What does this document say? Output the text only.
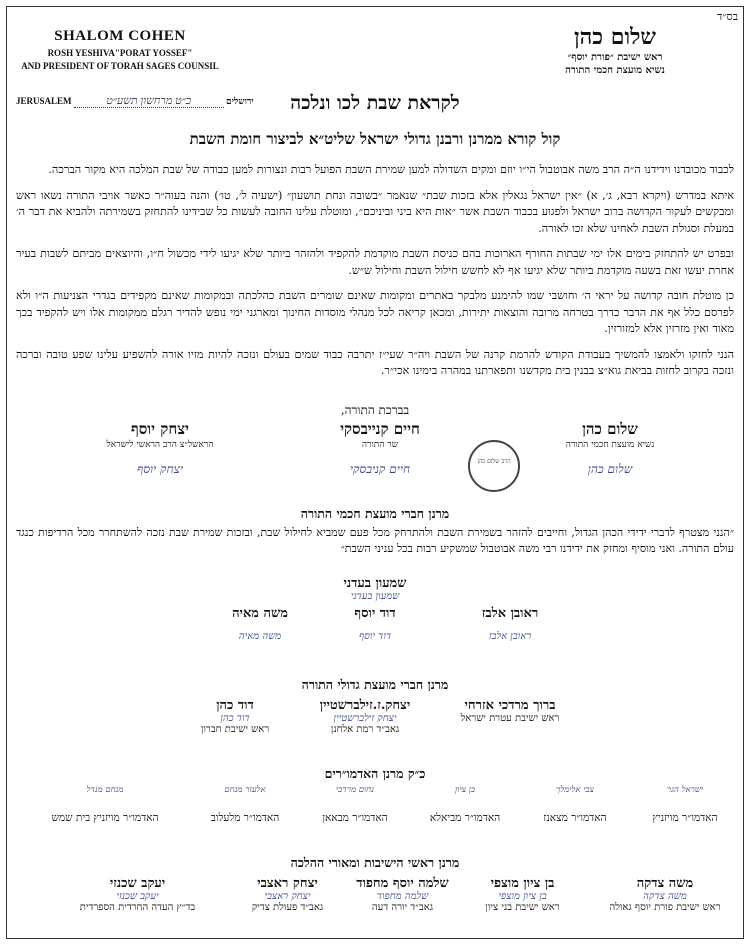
בס״ד
SHALOM COHEN
ROSH YESHIVA"PORAT YOSSEF"
AND PRESIDENT OF TORAH SAGES COUNSIL
שלום כהן
ראש ישיבת ״פורת יוסף״
נשיא מועצת חכמי התורה
JERUSALEM	כ״ט מרחשון תשע״ט	ירושלים	לקראת שבת לכו ונלכה
קול קורא ממרנן ורבנן גדולי ישראל שליט״א לביצור חומת השבת

לכבוד מכובדנו וידידנו ה״ה הרב משה אבוטבול הי״ו יוזם ומקים השדולה למען שמירת השבת הפועל רבות ונצורות למען כבודה של שבת המלכה היא מקור הברכה.

איתא במדרש (ויקרא רבא, ג׳, א) ״אין ישראל נגאלין אלא בזכות שבת״ שנאמר ״בשובה ונחת תושעון״ (ישעיה ל׳, טו׳) והנה בעוה״ר כאשר אויבי התורה נשאו ראש ומבקשים לעקור הקדושה ברוב ישראל ולפגוע בכבוד השבת אשר ״אות היא ביני וביניכם״, ומוטלת עלינו החובה לעשות כל שבידינו להתחזק בשמירתה ולהביא את דבר ה׳ במעלת וסגולת השבת לאחינו שלא זכו לאורה.

ובפרט יש להתחזק בימים אלו ימי שבתות החורף הארוכות בהם כניסת השבת מוקדמת להקפיד ולהזהר ביותר שלא יגיעו לידי מכשול ח״ו, והיוצאים מביתם לשבות בעיר אחרת יעשו זאת בשעה מוקדמת ביותר שלא יגיעו אף לא לחשש חילול השבת וחילול ש״ש.

כן מוטלת חובה קדושה על יראי ה׳ וחושבי שמו להימנע מלבקר באתרים ומקומות שאינם שומרים השבת כהלכתה ובמקומות שאינם מקפידים בגדרי הצניעות ה״ו ולא לפרסם כלל אף את הדבר כדרך בטרחה מרובה והוצאות יתירות, ומכאן קריאה לכל מנהלי מוסדות החינוך ומארגני ימי נופש להדיר רגלם ממקומות אלו ויש להקפיד בכך מאוד ואין מזרזין אלא למזורזין.

הנני לחזקו ולאמצו להמשיך בעבודת הקודש להרמת קרנה של השבת ויה״ר שעי״ז יתרבה כבוד שמים בעולם ונזכה להיות מזיו אורה להשפיע עלינו שפע טובה וברכה ונזכה בקרוב לחזות בביאת גוא״צ בבנין בית מקדשנו ותפארתנו במהרה בימינו אכי״ר.

בברכת התורה,
שלום כהן
נשיא מועצת חכמי התורה
שלום כהן
הרב שלום כהן
חיים קנייבסקי
שר התורה
חיים קניבסקי
יצחק יוסף
הראשל״צ הרב הראשי לישראל
יצחק יוסף
מרנן חברי מועצת חכמי התורה
״הנני מצטרף לדברי ידידי הכהן הגדול, וחייבים להזהר בשמירת השבת ולהתרחק מכל פעם שמביא לחילול שבת, ובזכות שמירת שבת נזכה להשתחרר מכל הרדיפות כנגד עולם התורה. ואני מוסיף ומחזק את ידידנו רבי משה אבוטבול שמשקיע רבות בכל עניני השבת״
שמעון בעדני
שמעון בעדני
ראובן אלבז
ראובן אלבז
דוד יוסף
דוד יוסף
משה מאיה
משה מאיה
מרנן חברי מועצת גדולי התורה
ברוך מרדכי אזרחי
ראש ישיבת עטרת ישראל
יצחק.ז.זילברשטיין
יצחק זילברשטיין
גאב״ד רמת אלחנן
דוד כהן
דוד כהן
ראש ישיבת חברון
כ״ק מרנן האדמו״רים
ישראל הגר
האדמו״ר מויזניץ
צבי אלימלך
האדמו״ר מצאנז
בן ציון
האדמו״ר מביאלא
נחום מרדכי
האדמו״ר מבאאן
אלעזר מנחם
האדמו״ר מלעלוב
מנחם מנדל
האדמו״ר מויזניץ בית שמש
מרנן ראשי הישיבות ומאורי ההלכה
משה צדקה
משה צדקה
ראש ישיבת פורת יוסף גאולה
בן ציון מוצפי
בן ציון מוצפי
ראש ישיבת בני ציון
שלמה יוסף מחפוד
שלמה מחפוד
גאב״ד יורה דעה
יצחק ראצבי
יצחק ראצבי
גאב״ד פעולת צדיק
יעקב שכנזי
יעקב שכנזי
בד״ץ העדה החרדית הספרדית
